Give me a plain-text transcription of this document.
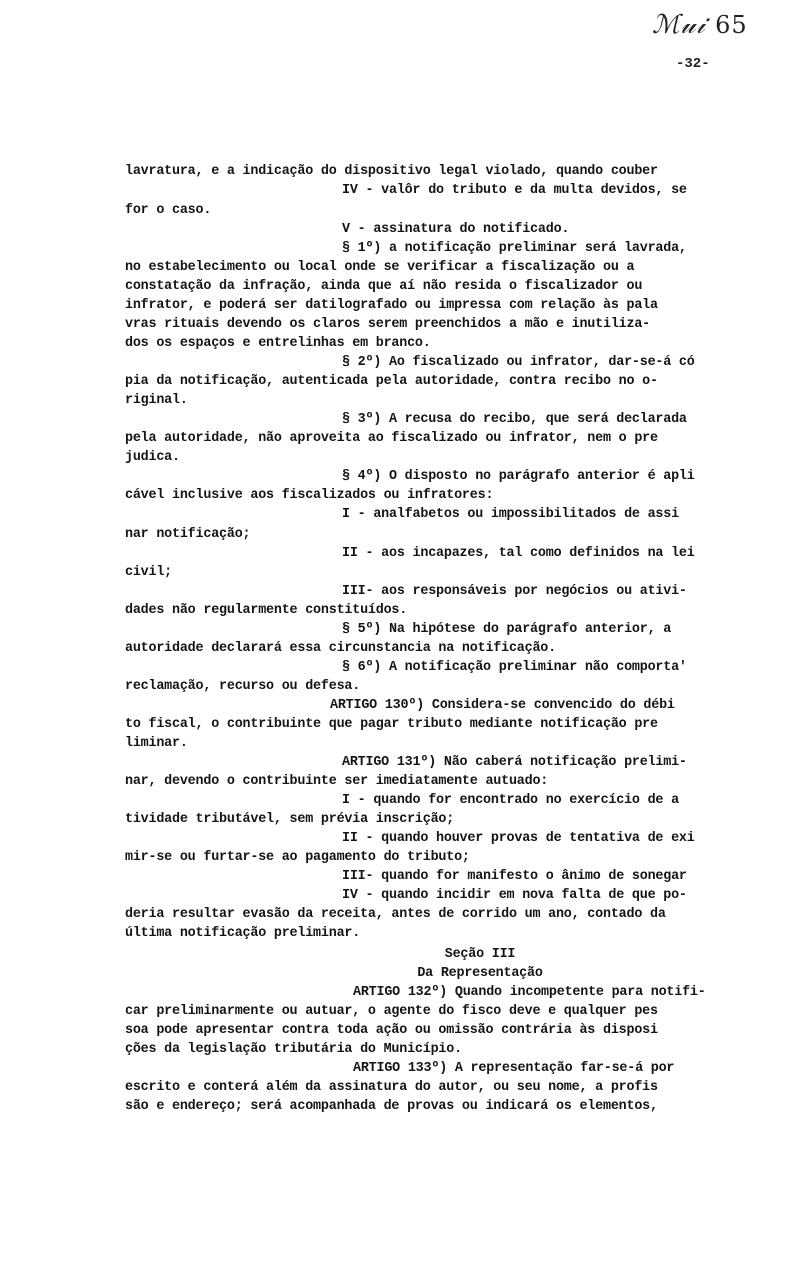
ℳ𝓊𝒾 65
-32-
lavratura, e a indicação do dispositivo legal violado, quando couber
IV - valôr do tributo e da multa devidos, se
for o caso.
V - assinatura do notificado.
§ 1º) a notificação preliminar será lavrada,
no estabelecimento ou local onde se verificar a fiscalização ou a
constatação da infração, ainda que aí não resida o fiscalizador ou
infrator, e poderá ser datilografado ou impressa com relação às pala
vras rituais devendo os claros serem preenchidos a mão e inutiliza-
dos os espaços e entrelinhas em branco.
§ 2º) Ao fiscalizado ou infrator, dar-se-á có
pia da notificação, autenticada pela autoridade, contra recibo no o-
riginal.
§ 3º) A recusa do recibo, que será declarada
pela autoridade, não aproveita ao fiscalizado ou infrator, nem o pre
judica.
§ 4º) O disposto no parágrafo anterior é apli
cável inclusive aos fiscalizados ou infratores:
I - analfabetos ou impossibilitados de assi
nar notificação;
II - aos incapazes, tal como definidos na lei
civil;
III- aos responsáveis por negócios ou ativi-
dades não regularmente constituídos.
§ 5º) Na hipótese do parágrafo anterior, a
autoridade declarará essa circunstancia na notificação.
§ 6º) A notificação preliminar não comporta'
reclamação, recurso ou defesa.
ARTIGO 130º) Considera-se convencido do débi
to fiscal, o contribuinte que pagar tributo mediante notificação pre
liminar.
ARTIGO 131º) Não caberá notificação prelimi-
nar, devendo o contribuinte ser imediatamente autuado:
I - quando for encontrado no exercício de a
tividade tributável, sem prévia inscrição;
II - quando houver provas de tentativa de exi
mir-se ou furtar-se ao pagamento do tributo;
III- quando for manifesto o ânimo de sonegar
IV - quando incidir em nova falta de que po-
deria resultar evasão da receita, antes de corrido um ano, contado da
última notificação preliminar.
Seção III
Da Representação
ARTIGO 132º) Quando incompetente para notifi-
car preliminarmente ou autuar, o agente do fisco deve e qualquer pes
soa pode apresentar contra toda ação ou omissão contrária às disposi
ções da legislação tributária do Município.
ARTIGO 133º) A representação far-se-á por
escrito e conterá além da assinatura do autor, ou seu nome, a profis
são e endereço; será acompanhada de provas ou indicará os elementos,
